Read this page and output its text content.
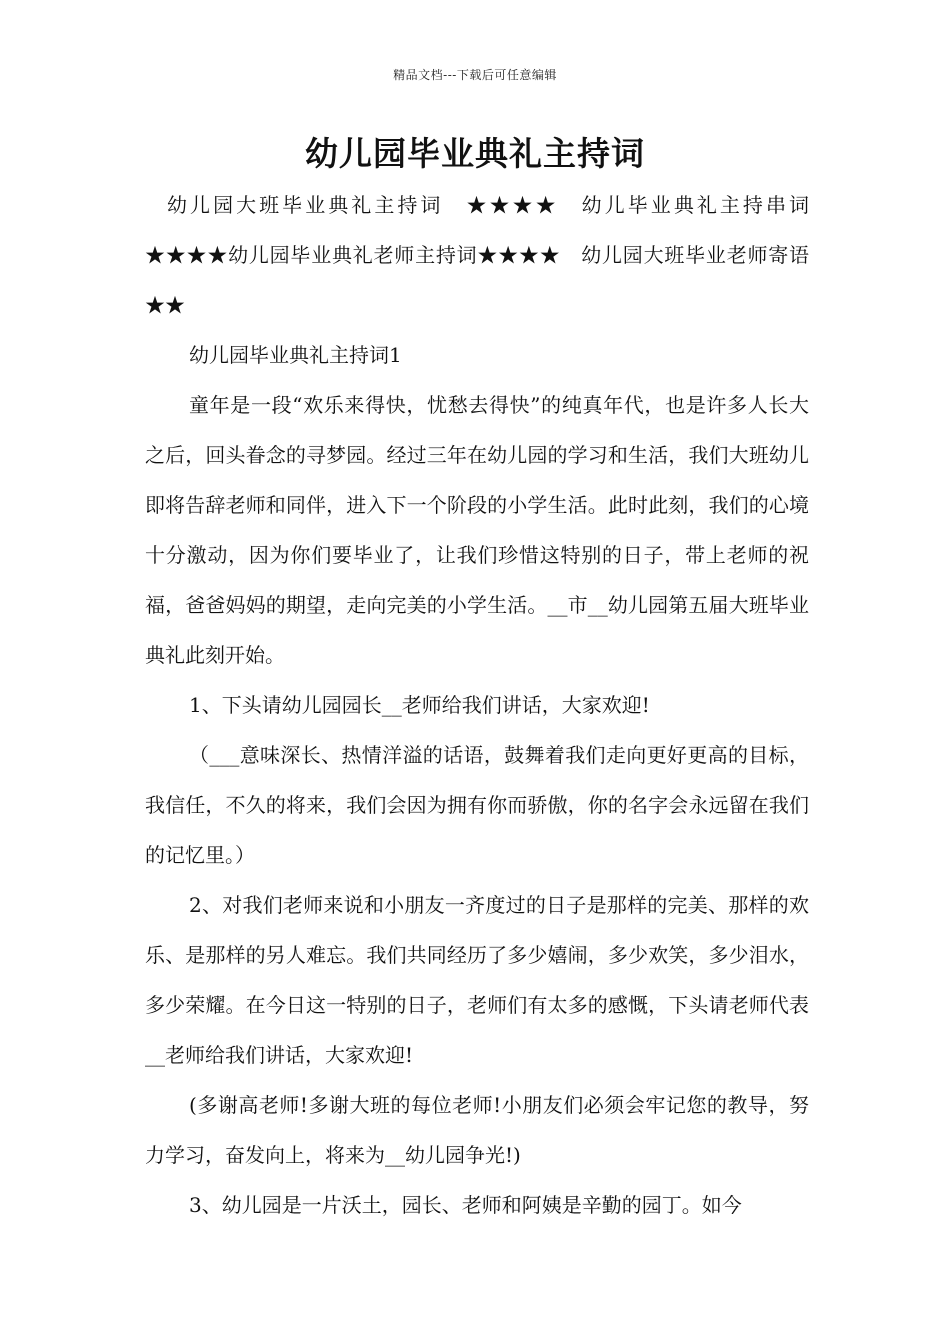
精品文档---下载后可任意编辑
幼儿园毕业典礼主持词

幼儿园大班毕业典礼主持词　★★★★　幼儿毕业典礼主持串词　★★★★幼儿园毕业典礼老师主持词★★★★　幼儿园大班毕业老师寄语　★★

幼儿园毕业典礼主持词1

童年是一段“欢乐来得快，忧愁去得快”的纯真年代，也是许多人长大之后，回头眷念的寻梦园。经过三年在幼儿园的学习和生活，我们大班幼儿即将告辞老师和同伴，进入下一个阶段的小学生活。此时此刻，我们的心境十分激动，因为你们要毕业了，让我们珍惜这特别的日子，带上老师的祝福，爸爸妈妈的期望，走向完美的小学生活。__市__幼儿园第五届大班毕业典礼此刻开始。

1、下头请幼儿园园长__老师给我们讲话，大家欢迎!

（___意味深长、热情洋溢的话语，鼓舞着我们走向更好更高的目标，我信任，不久的将来，我们会因为拥有你而骄傲，你的名字会永远留在我们的记忆里。）

2、对我们老师来说和小朋友一齐度过的日子是那样的完美、那样的欢乐、是那样的另人难忘。我们共同经历了多少嬉闹，多少欢笑，多少泪水，多少荣耀。在今日这一特别的日子，老师们有太多的感慨，下头请老师代表__老师给我们讲话，大家欢迎!

(多谢高老师!多谢大班的每位老师!小朋友们必须会牢记您的教导，努力学习，奋发向上，将来为__幼儿园争光!)

3、幼儿园是一片沃土，园长、老师和阿姨是辛勤的园丁。如今
